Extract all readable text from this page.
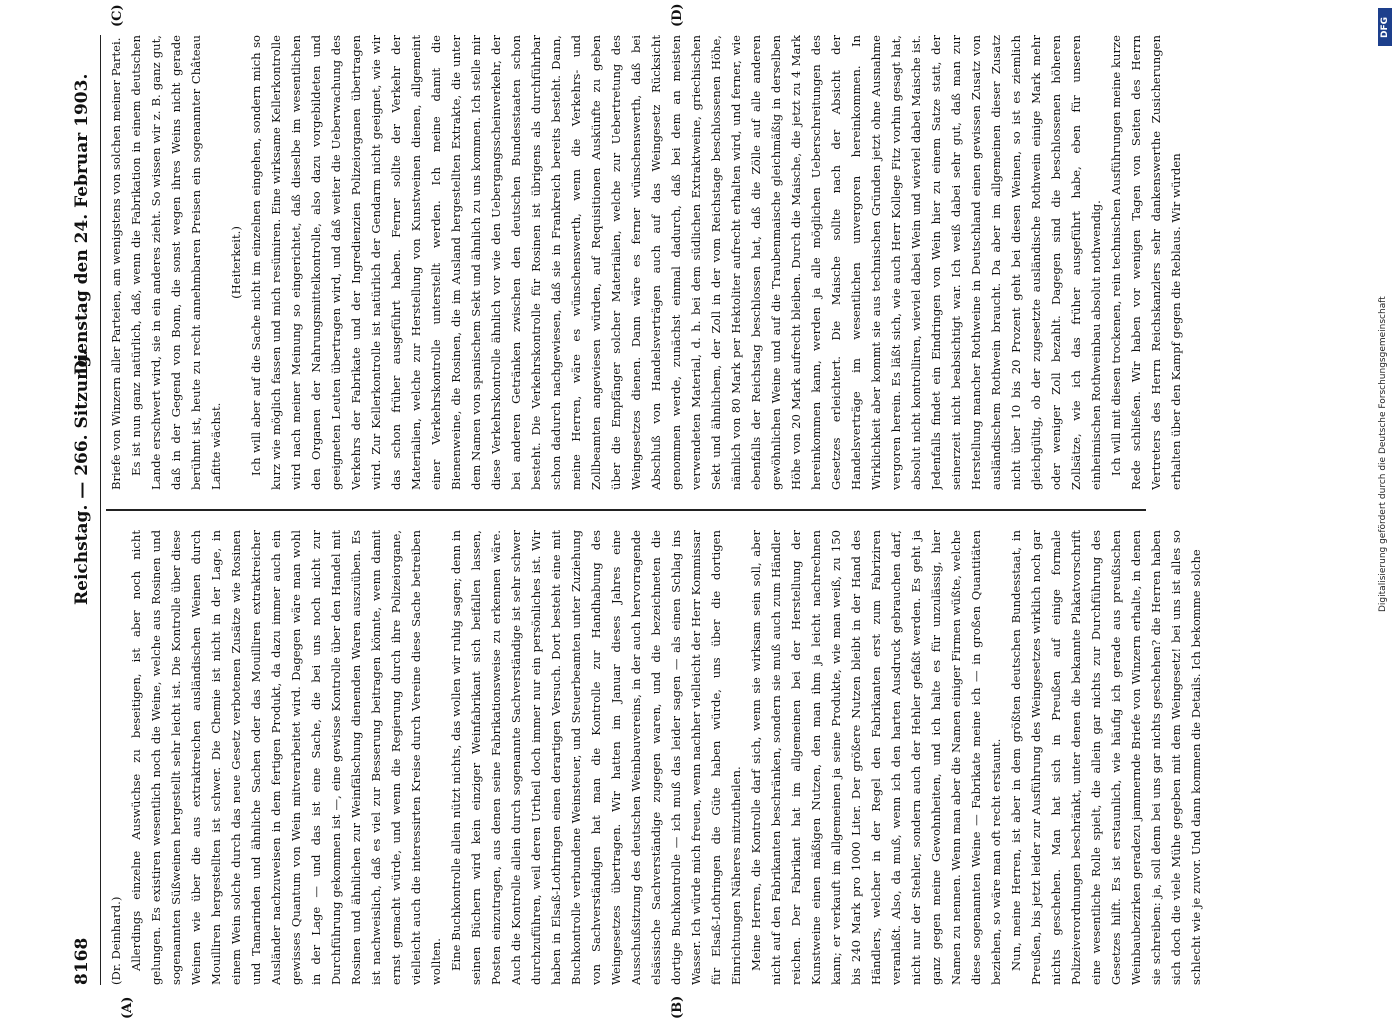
8168
Reichstag. — 266. Sitzung.
Dienstag den 24. Februar 1903.
(A)	(B)
(C)	(D)

(Dr. Deinhard.) Allerdings einzelne Auswüchse zu beseitigen, ist aber noch nicht gelungen. Es existiren wesentlich noch die Weine, welche aus Rosinen und sogenannten Süßweinen hergestellt sehr leicht ist. Die Kontrolle über diese Weinen wie über die aus extraktreichen ausländischen Weinen durch Mouilliren hergestellten ist schwer. Die Chemie ist nicht in der Lage, in einem Wein solche durch das neue Gesetz verbotenen Zusätze wie Rosinen und Tamarinden und ähnliche Sachen oder das Mouilliren extraktreicher Ausländer nachzuweisen in dem fertigen Produkt, da dazu immer auch ein gewisses Quantum von Wein mitverarbeitet wird. Dagegen wäre man wohl in der Lage — und das ist eine Sache, die bei uns noch nicht zur Durchführung gekommen ist —, eine gewisse Kontrolle über den Handel mit Rosinen und ähnlichen zur Weinfälschung dienenden Waren auszuüben. Es ist nachweislich, daß es viel zur Besserung beitragen könnte, wenn damit ernst gemacht würde, und wenn die Regierung durch ihre Polizeiorgane, vielleicht auch die interessirten Kreise durch Vereine diese Sache betreiben wollten. Eine Buchkontrolle allein nützt nichts, das wollen wir ruhig sagen; denn in seinen Büchern wird kein einziger Weinfabrikant sich beifallen lassen, Posten einzutragen, aus denen seine Fabrikationsweise zu erkennen wäre. Auch die Kontrolle allein durch sogenannte Sachverständige ist sehr schwer durchzuführen, weil deren Urtheil doch immer nur ein persönliches ist. Wir haben in Elsaß-Lothringen einen derartigen Versuch. Dort besteht eine mit Buchkontrolle verbundene Weinsteuer, und Steuerbeamten unter Zuziehung von Sachverständigen hat man die Kontrolle zur Handhabung des Weingesetzes übertragen. Wir hatten im Januar dieses Jahres eine Ausschußsitzung des deutschen Weinbauvereins, in der auch hervorragende elsässische Sachverständige zugegen waren, und die bezeichneten die dortige Buchkontrolle — ich muß das leider sagen — als einen Schlag ins Wasser. Ich würde mich freuen, wenn nachher vielleicht der Herr Kommissar für Elsaß-Lothringen die Güte haben würde, uns über die dortigen Einrichtungen Näheres mitzutheilen. Meine Herren, die Kontrolle darf sich, wenn sie wirksam sein soll, aber nicht auf den Fabrikanten beschränken, sondern sie muß auch zum Händler reichen. Der Fabrikant hat im allgemeinen bei der Herstellung der Kunstweine einen mäßigen Nutzen, den man ihm ja leicht nachrechnen kann; er verkauft im allgemeinen ja seine Produkte, wie man weiß, zu 150 bis 240 Mark pro 1000 Liter. Der größere Nutzen bleibt in der Hand des Händlers, welcher in der Regel den Fabrikanten erst zum Fabriziren veranlaßt. Also, da muß, wenn ich den harten Ausdruck gebrauchen darf, nicht nur der Stehler, sondern auch der Hehler gefaßt werden. Es geht ja ganz gegen meine Gewohnheiten, und ich halte es für unzulässig, hier Namen zu nennen. Wenn man aber die Namen einiger Firmen wüßte, welche diese sogenannten Weine — Fabrikate meine ich — in großen Quantitäten beziehen, so wäre man oft recht erstaunt. Nun, meine Herren, ist aber in dem größten deutschen Bundesstaat, in Preußen, bis jetzt leider zur Ausführung des Weingesetzes wirklich noch gar nichts geschehen. Man hat sich in Preußen auf einige formale Polizeiverordnungen beschränkt, unter denen die bekannte Plakatvorschrift eine wesentliche Rolle spielt, die allein gar nichts zur Durchführung des Gesetzes hilft. Es ist erstaunlich, wie häufig ich gerade aus preußischen Weinbaubezirken geradezu jammernde Briefe von Winzern erhalte, in denen sie schreiben: ja, soll denn bei uns gar nichts geschehen? die Herren haben sich doch die viele Mühe gegeben mit dem Weingesetz! bei uns ist alles so schlecht wie je zuvor. Und dann kommen die Details. Ich bekomme solche

Briefe von Winzern aller Parteien, am wenigstens von solchen meiner Partei. Es ist nun ganz natürlich, daß, wenn die Fabrikation in einem deutschen Lande erschwert wird, sie in ein anderes zieht. So wissen wir z. B. ganz gut, daß in der Gegend von Bonn, die sonst wegen ihres Weins nicht gerade berühmt ist, heute zu recht annehmbaren Preisen ein sogenannter Château Lafitte wächst.

(Heiterkeit.) Ich will aber auf die Sache nicht im einzelnen eingehen, sondern mich so kurz wie möglich fassen und mich resümiren. Eine wirksame Kellerkontrolle wird nach meiner Meinung so eingerichtet, daß dieselbe im wesentlichen den Organen der Nahrungsmittelkontrolle, also dazu vorgebildeten und geeigneten Leuten übertragen wird, und daß weiter die Ueberwachung des Verkehrs der Fabrikate und der Ingredienzien Polizeiorganen übertragen wird. Zur Kellerkontrolle ist natürlich der Gendarm nicht geeignet, wie wir das schon früher ausgeführt haben. Ferner sollte der Verkehr der Materialien, welche zur Herstellung von Kunstweinen dienen, allgemeint einer Verkehrskontrolle unterstellt werden. Ich meine damit die Bienenweine, die Rosinen, die im Ausland hergestellten Extrakte, die unter dem Namen von spanischem Sekt und ähnlich zu uns kommen. Ich stelle mir diese Verkehrskontrolle ähnlich vor wie den Uebergangsscheinverkehr, der bei anderen Getränken zwischen den deutschen Bundesstaaten schon besteht. Die Verkehrskontrolle für Rosinen ist übrigens als durchführbar schon dadurch nachgewiesen, daß sie in Frankreich bereits besteht. Dann, meine Herren, wäre es wünschenswerth, wenn die Verkehrs- und Zollbeamten angewiesen würden, auf Requisitionen Auskünfte zu geben über die Empfänger solcher Materialien, welche zur Uebertretung des Weingesetzes dienen. Dann wäre es ferner wünschenswerth, daß bei Abschluß von Handelsverträgen auch auf das Weingesetz Rücksicht genommen werde, zunächst einmal dadurch, daß bei dem an meisten verwendeten Material, d. h. bei dem südlichen Extraktweine, griechischen Sekt und ähnlichem, der Zoll in der vom Reichstage beschlossenen Höhe, nämlich von 80 Mark per Hektoliter aufrecht erhalten wird, und ferner, wie ebenfalls der Reichstag beschlossen hat, daß die Zölle auf alle anderen gewöhnlichen Weine und auf die Traubenmaische gleichmäßig in derselben Höhe von 20 Mark aufrecht bleiben. Durch die Maische, die jetzt zu 4 Mark hereinkommen kann, werden ja alle möglichen Ueberschreitungen des Gesetzes erleichtert. Die Maische sollte nach der Absicht der Handelsverträge im wesentlichen unvergoren hereinkommen. In Wirklichkeit aber kommt sie aus technischen Gründen jetzt ohne Ausnahme vergoren herein. Es läßt sich, wie auch Herr Kollege Fitz vorhin gesagt hat, absolut nicht kontrolliren, wieviel dabei Wein und wieviel dabei Maische ist. Jedenfalls findet ein Eindringen von Wein hier zu einem Satze statt, der seinerzeit nicht beabsichtigt war. Ich weiß dabei sehr gut, daß man zur Herstellung mancher Rothweine in Deutschland einen gewissen Zusatz von ausländischem Rothwein braucht. Da aber im allgemeinen dieser Zusatz nicht über 10 bis 20 Prozent geht bei diesen Weinen, so ist es ziemlich gleichgültig, ob der zugesetzte ausländische Rothwein einige Mark mehr oder weniger Zoll bezahlt. Dagegen sind die beschlossenen höheren Zollsätze, wie ich das früher ausgeführt habe, eben für unseren einheimischen Rothweinbau absolut nothwendig. Ich will mit diesen trockenen, rein technischen Ausführungen meine kurze Rede schließen. Wir haben vor wenigen Tagen von Seiten des Herrn Vertreters des Herrn Reichskanzlers sehr dankenswerthe Zusicherungen erhalten über den Kampf gegen die Reblaus. Wir würden

DFG
Digitalisierung gefördert durch die Deutsche Forschungsgemeinschaft
